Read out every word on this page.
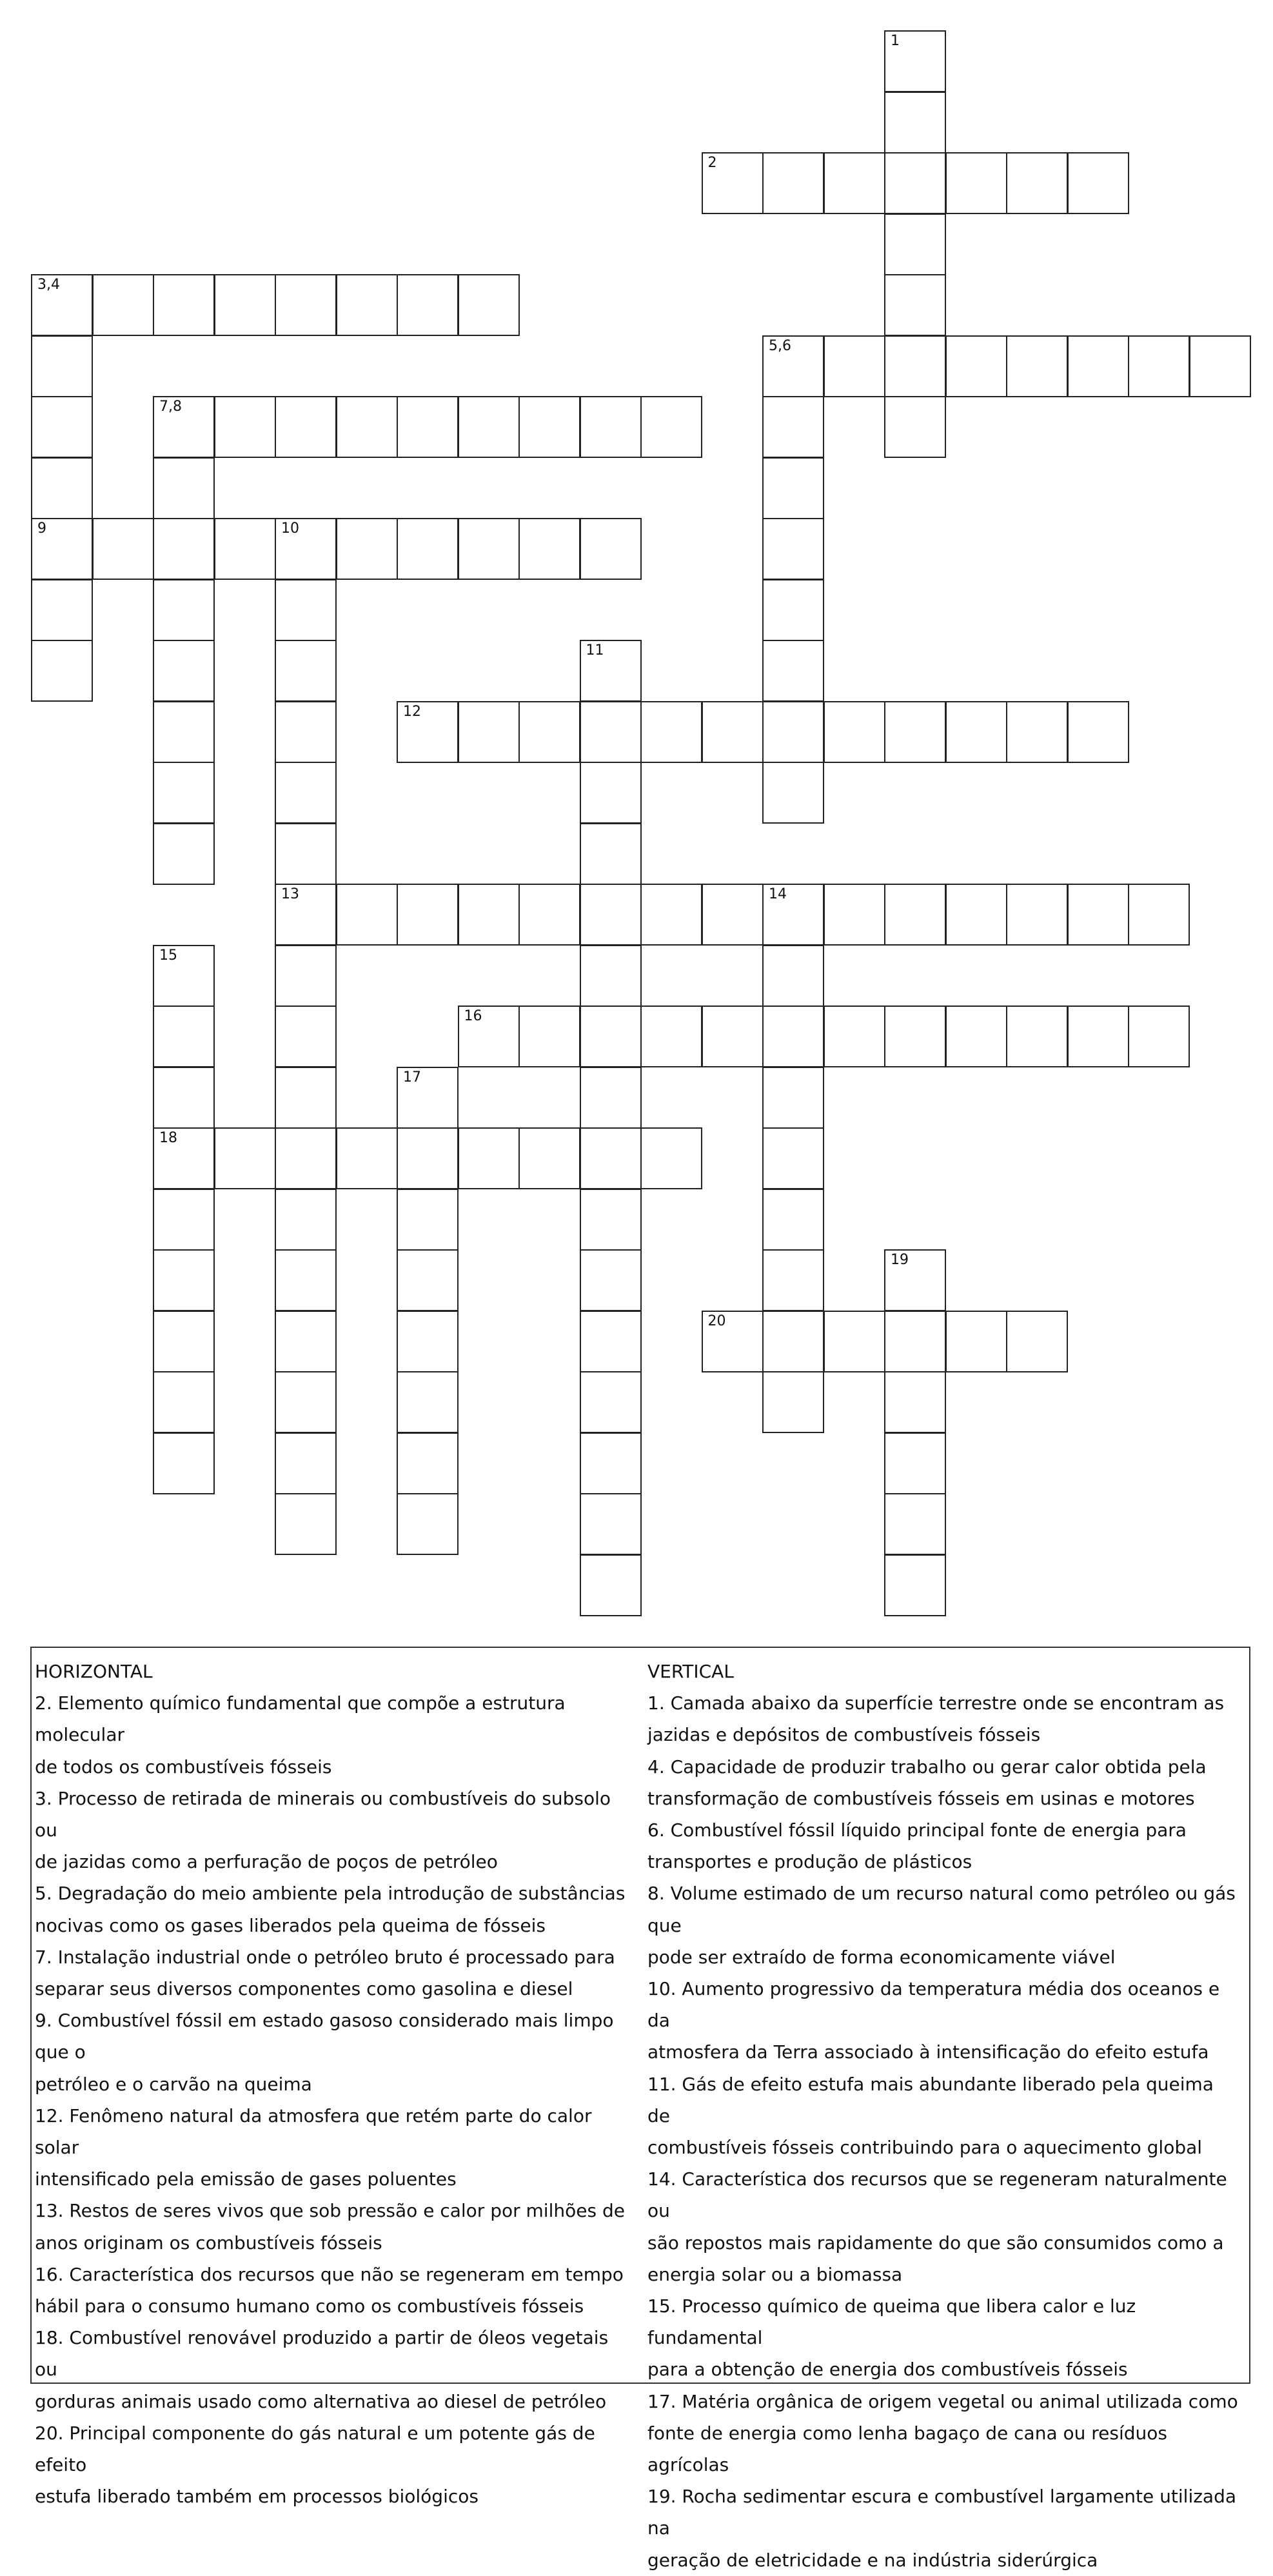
1
2
3,4
9
5,6
7,8
10
13
11
12
14
15
18
16
17
19
20
HORIZONTAL
2. Elemento químico fundamental que compõe a estrutura molecular
de todos os combustíveis fósseis
3. Processo de retirada de minerais ou combustíveis do subsolo ou
de jazidas como a perfuração de poços de petróleo
5. Degradação do meio ambiente pela introdução de substâncias
nocivas como os gases liberados pela queima de fósseis
7. Instalação industrial onde o petróleo bruto é processado para
separar seus diversos componentes como gasolina e diesel
9. Combustível fóssil em estado gasoso considerado mais limpo que o
petróleo e o carvão na queima
12. Fenômeno natural da atmosfera que retém parte do calor solar
intensificado pela emissão de gases poluentes
13. Restos de seres vivos que sob pressão e calor por milhões de
anos originam os combustíveis fósseis
16. Característica dos recursos que não se regeneram em tempo
hábil para o consumo humano como os combustíveis fósseis
18. Combustível renovável produzido a partir de óleos vegetais ou
gorduras animais usado como alternativa ao diesel de petróleo
20. Principal componente do gás natural e um potente gás de efeito
estufa liberado também em processos biológicos
VERTICAL
1. Camada abaixo da superfície terrestre onde se encontram as
jazidas e depósitos de combustíveis fósseis
4. Capacidade de produzir trabalho ou gerar calor obtida pela
transformação de combustíveis fósseis em usinas e motores
6. Combustível fóssil líquido principal fonte de energia para
transportes e produção de plásticos
8. Volume estimado de um recurso natural como petróleo ou gás que
pode ser extraído de forma economicamente viável
10. Aumento progressivo da temperatura média dos oceanos e da
atmosfera da Terra associado à intensificação do efeito estufa
11. Gás de efeito estufa mais abundante liberado pela queima de
combustíveis fósseis contribuindo para o aquecimento global
14. Característica dos recursos que se regeneram naturalmente ou
são repostos mais rapidamente do que são consumidos como a
energia solar ou a biomassa
15. Processo químico de queima que libera calor e luz fundamental
para a obtenção de energia dos combustíveis fósseis
17. Matéria orgânica de origem vegetal ou animal utilizada como
fonte de energia como lenha bagaço de cana ou resíduos agrícolas
19. Rocha sedimentar escura e combustível largamente utilizada na
geração de eletricidade e na indústria siderúrgica
